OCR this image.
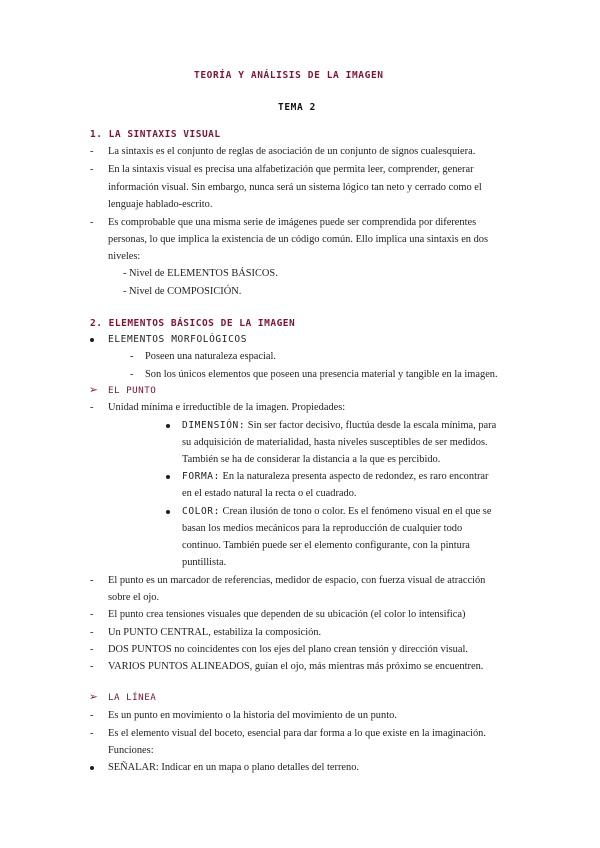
TEORÍA Y ANÁLISIS DE LA IMAGEN
TEMA 2
1. LA SINTAXIS VISUAL
-	La sintaxis es el conjunto de reglas de asociación de un conjunto de signos cualesquiera.
-	En la sintaxis visual es precisa una alfabetización que permita leer, comprender, generar
información visual. Sin embargo, nunca será un sistema lógico tan neto y cerrado como el
lenguaje hablado-escrito.
-	Es comprobable que una misma serie de imágenes puede ser comprendida por diferentes
personas, lo que implica la existencia de un código común. Ello implica una sintaxis en dos
niveles:
- Nivel de ELEMENTOS BÁSICOS.
- Nivel de COMPOSICIÓN.
2. ELEMENTOS BÁSICOS DE LA IMAGEN
ELEMENTOS MORFOLÓGICOS
-	Poseen una naturaleza espacial.
-	Son los únicos elementos que poseen una presencia material y tangible en la imagen.
➢	EL PUNTO
-	Unidad mínima e irreductible de la imagen. Propiedades:
DIMENSIÓN: Sin ser factor decisivo, fluctúa desde la escala mínima, para
su adquisición de materialidad, hasta niveles susceptibles de ser medidos.
También se ha de considerar la distancia a la que es percibido.
FORMA: En la naturaleza presenta aspecto de redondez, es raro encontrar
en el estado natural la recta o el cuadrado.
COLOR: Crean ilusión de tono o color. Es el fenómeno visual en el que se
basan los medios mecánicos para la reproducción de cualquier todo
continuo. También puede ser el elemento configurante, con la pintura
puntillista.
-	El punto es un marcador de referencias, medidor de espacio, con fuerza visual de atracción
sobre el ojo.
-	El punto crea tensiones visuales que dependen de su ubicación (el color lo intensifica)
-	Un PUNTO CENTRAL, estabiliza la composición.
-	DOS PUNTOS no coincidentes con los ejes del plano crean tensión y dirección visual.
-	VARIOS PUNTOS ALINEADOS, guían el ojo, más mientras más próximo se encuentren.
➢	LA LÍNEA
-	Es un punto en movimiento o la historia del movimiento de un punto.
-	Es el elemento visual del boceto, esencial para dar forma a lo que existe en la imaginación.
Funciones:
SEÑALAR: Indicar en un mapa o plano detalles del terreno.
